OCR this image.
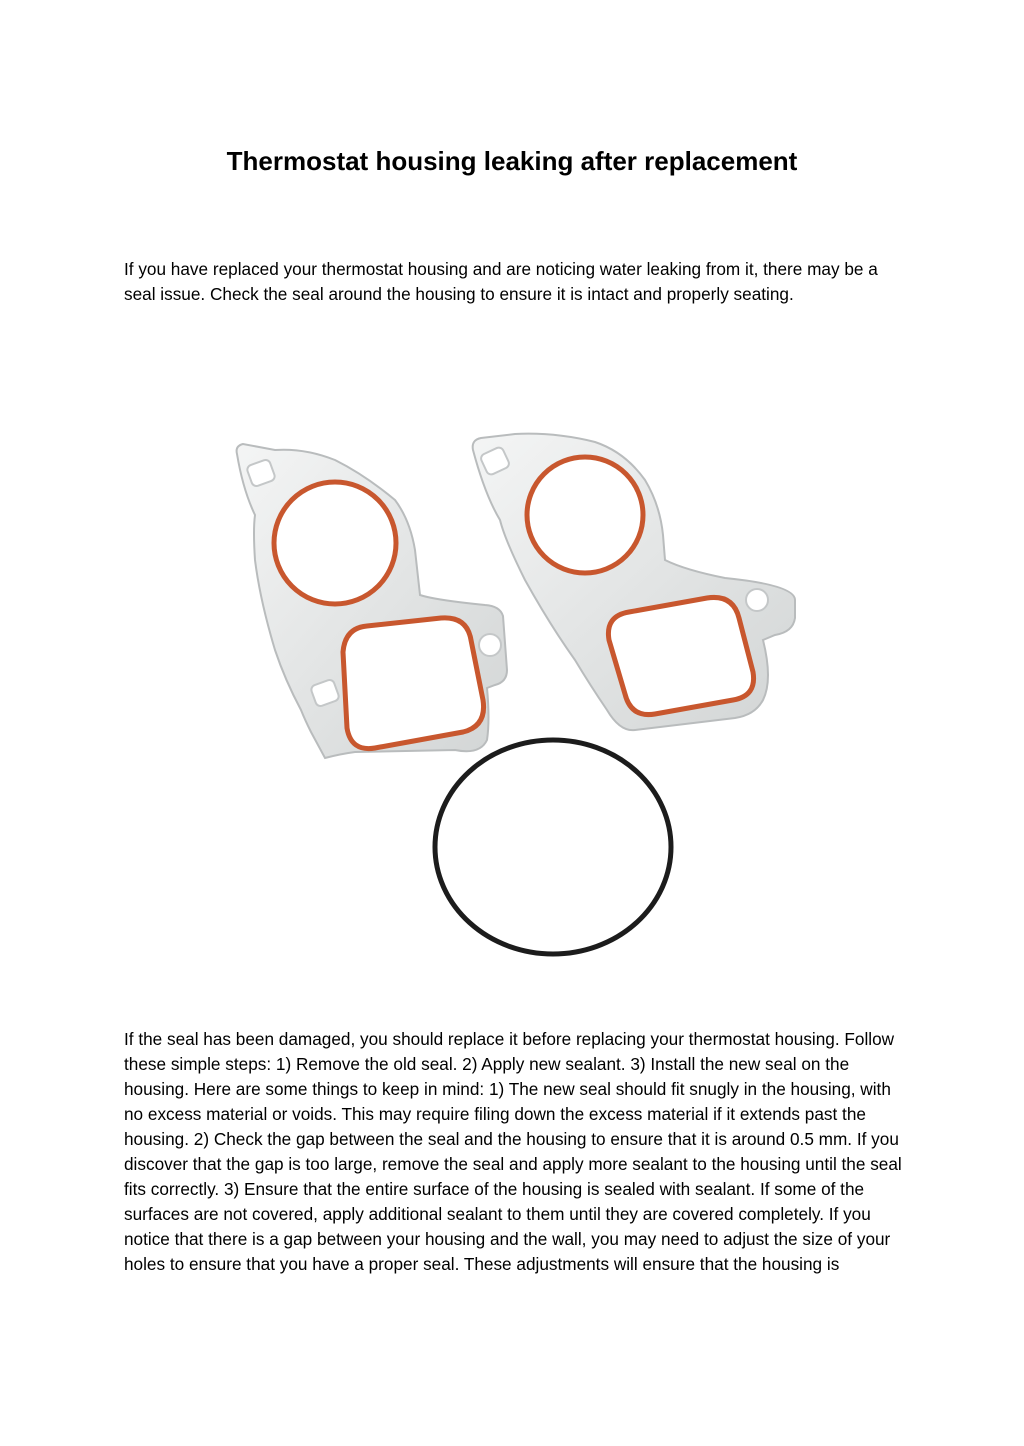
Thermostat housing leaking after replacement

If you have replaced your thermostat housing and are noticing water leaking from it, there may be a seal issue. Check the seal around the housing to ensure it is intact and properly seating.

If the seal has been damaged, you should replace it before replacing your thermostat housing. Follow these simple steps: 1) Remove the old seal. 2) Apply new sealant. 3) Install the new seal on the housing. Here are some things to keep in mind: 1) The new seal should fit snugly in the housing, with no excess material or voids. This may require filing down the excess material if it extends past the housing. 2) Check the gap between the seal and the housing to ensure that it is around 0.5 mm. If you discover that the gap is too large, remove the seal and apply more sealant to the housing until the seal fits correctly. 3) Ensure that the entire surface of the housing is sealed with sealant. If some of the surfaces are not covered, apply additional sealant to them until they are covered completely. If you notice that there is a gap between your housing and the wall, you may need to adjust the size of your holes to ensure that you have a proper seal. These adjustments will ensure that the housing is
